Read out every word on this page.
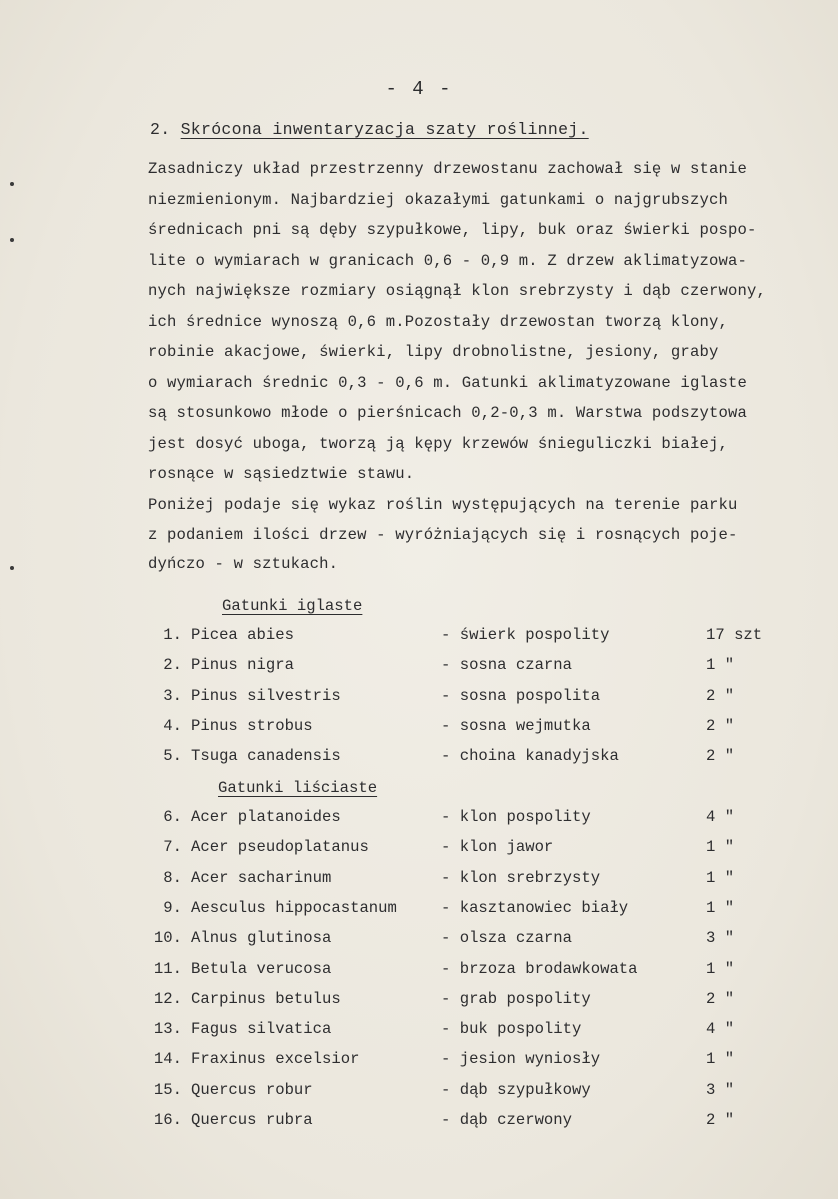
- 4 -
2. Skrócona inwentaryzacja szaty roślinnej.
Zasadniczy układ przestrzenny drzewostanu zachował się w stanie
niezmienionym. Najbardziej okazałymi gatunkami o najgrubszych
średnicach pni są dęby szypułkowe, lipy, buk oraz świerki pospo-
lite o wymiarach w granicach 0,6 - 0,9 m. Z drzew aklimatyzowa-
nych największe rozmiary osiągnął klon srebrzysty i dąb czerwony,
ich średnice wynoszą 0,6 m.Pozostały drzewostan tworzą klony,
robinie akacjowe, świerki, lipy drobnolistne, jesiony, graby
o wymiarach średnic 0,3 - 0,6 m. Gatunki aklimatyzowane iglaste
są stosunkowo młode o pierśnicach 0,2-0,3 m. Warstwa podszytowa
jest dosyć uboga, tworzą ją kępy krzewów śnieguliczki białej,
rosnące w sąsiedztwie stawu.
Poniżej podaje się wykaz roślin występujących na terenie parku
z podaniem ilości drzew - wyróżniających się i rosnących poje-
dyńczo - w sztukach.
Gatunki iglaste
1. Picea abies	- świerk pospolity	17 szt
2. Pinus nigra	- sosna czarna	1 "
3. Pinus silvestris	- sosna pospolita	2 "
4. Pinus strobus	- sosna wejmutka	2 "
5. Tsuga canadensis	- choina kanadyjska	2 "
Gatunki liściaste
6. Acer platanoides	- klon pospolity	4 "
7. Acer pseudoplatanus	- klon jawor	1 "
8. Acer sacharinum	- klon srebrzysty	1 "
9. Aesculus hippocastanum	- kasztanowiec biały	1 "
10. Alnus glutinosa	- olsza czarna	3 "
11. Betula verucosa	- brzoza brodawkowata	1 "
12. Carpinus betulus	- grab pospolity	2 "
13. Fagus silvatica	- buk pospolity	4 "
14. Fraxinus excelsior	- jesion wyniosły	1 "
15. Quercus robur	- dąb szypułkowy	3 "
16. Quercus rubra	- dąb czerwony	2 "
